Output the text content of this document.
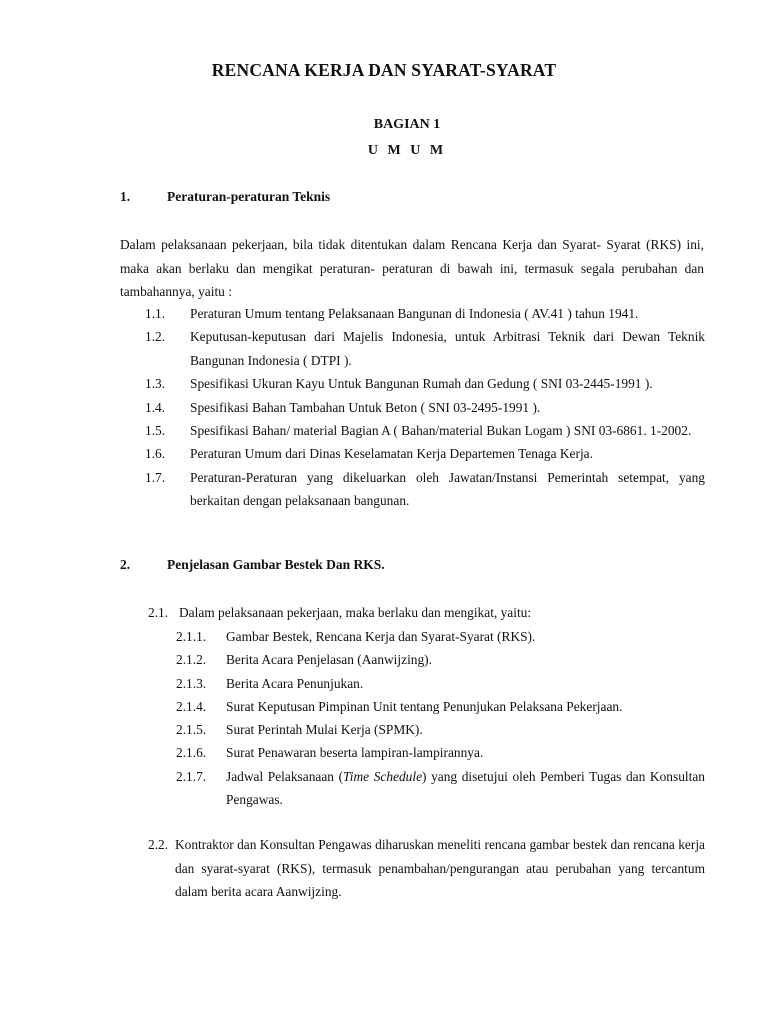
RENCANA KERJA DAN SYARAT-SYARAT
BAGIAN 1
U M U M
1.	Peraturan-peraturan Teknis
Dalam pelaksanaan pekerjaan, bila tidak ditentukan dalam Rencana Kerja dan Syarat- Syarat (RKS) ini, maka akan berlaku dan mengikat peraturan- peraturan di bawah ini, termasuk segala perubahan dan tambahannya, yaitu :
1.1.	Peraturan Umum tentang Pelaksanaan Bangunan di Indonesia ( AV.41 ) tahun 1941.
1.2.	Keputusan-keputusan dari Majelis Indonesia, untuk Arbitrasi Teknik dari Dewan Teknik Bangunan Indonesia ( DTPI ).
1.3.	Spesifikasi Ukuran Kayu Untuk Bangunan Rumah dan Gedung ( SNI 03-2445-1991 ).
1.4.	Spesifikasi Bahan Tambahan Untuk Beton ( SNI 03-2495-1991 ).
1.5.	Spesifikasi Bahan/ material Bagian A ( Bahan/material Bukan Logam ) SNI 03-6861. 1-2002.
1.6.	Peraturan Umum dari Dinas Keselamatan Kerja Departemen Tenaga Kerja.
1.7.	Peraturan-Peraturan yang dikeluarkan oleh Jawatan/Instansi Pemerintah setempat, yang berkaitan dengan pelaksanaan bangunan.
2.	Penjelasan Gambar Bestek Dan RKS.
2.1. Dalam pelaksanaan pekerjaan, maka berlaku dan mengikat, yaitu:
2.1.1.	Gambar Bestek, Rencana Kerja dan Syarat-Syarat (RKS).
2.1.2.	Berita Acara Penjelasan (Aanwijzing).
2.1.3.	Berita Acara Penunjukan.
2.1.4.	Surat Keputusan Pimpinan Unit tentang Penunjukan Pelaksana Pekerjaan.
2.1.5.	Surat Perintah Mulai Kerja (SPMK).
2.1.6.	Surat Penawaran beserta lampiran-lampirannya.
2.1.7.	Jadwal Pelaksanaan (Time Schedule) yang disetujui oleh Pemberi Tugas dan Konsultan Pengawas.
2.2. Kontraktor dan Konsultan Pengawas diharuskan meneliti rencana gambar bestek dan rencana kerja dan syarat-syarat (RKS), termasuk penambahan/pengurangan atau perubahan yang tercantum dalam berita acara Aanwijzing.
